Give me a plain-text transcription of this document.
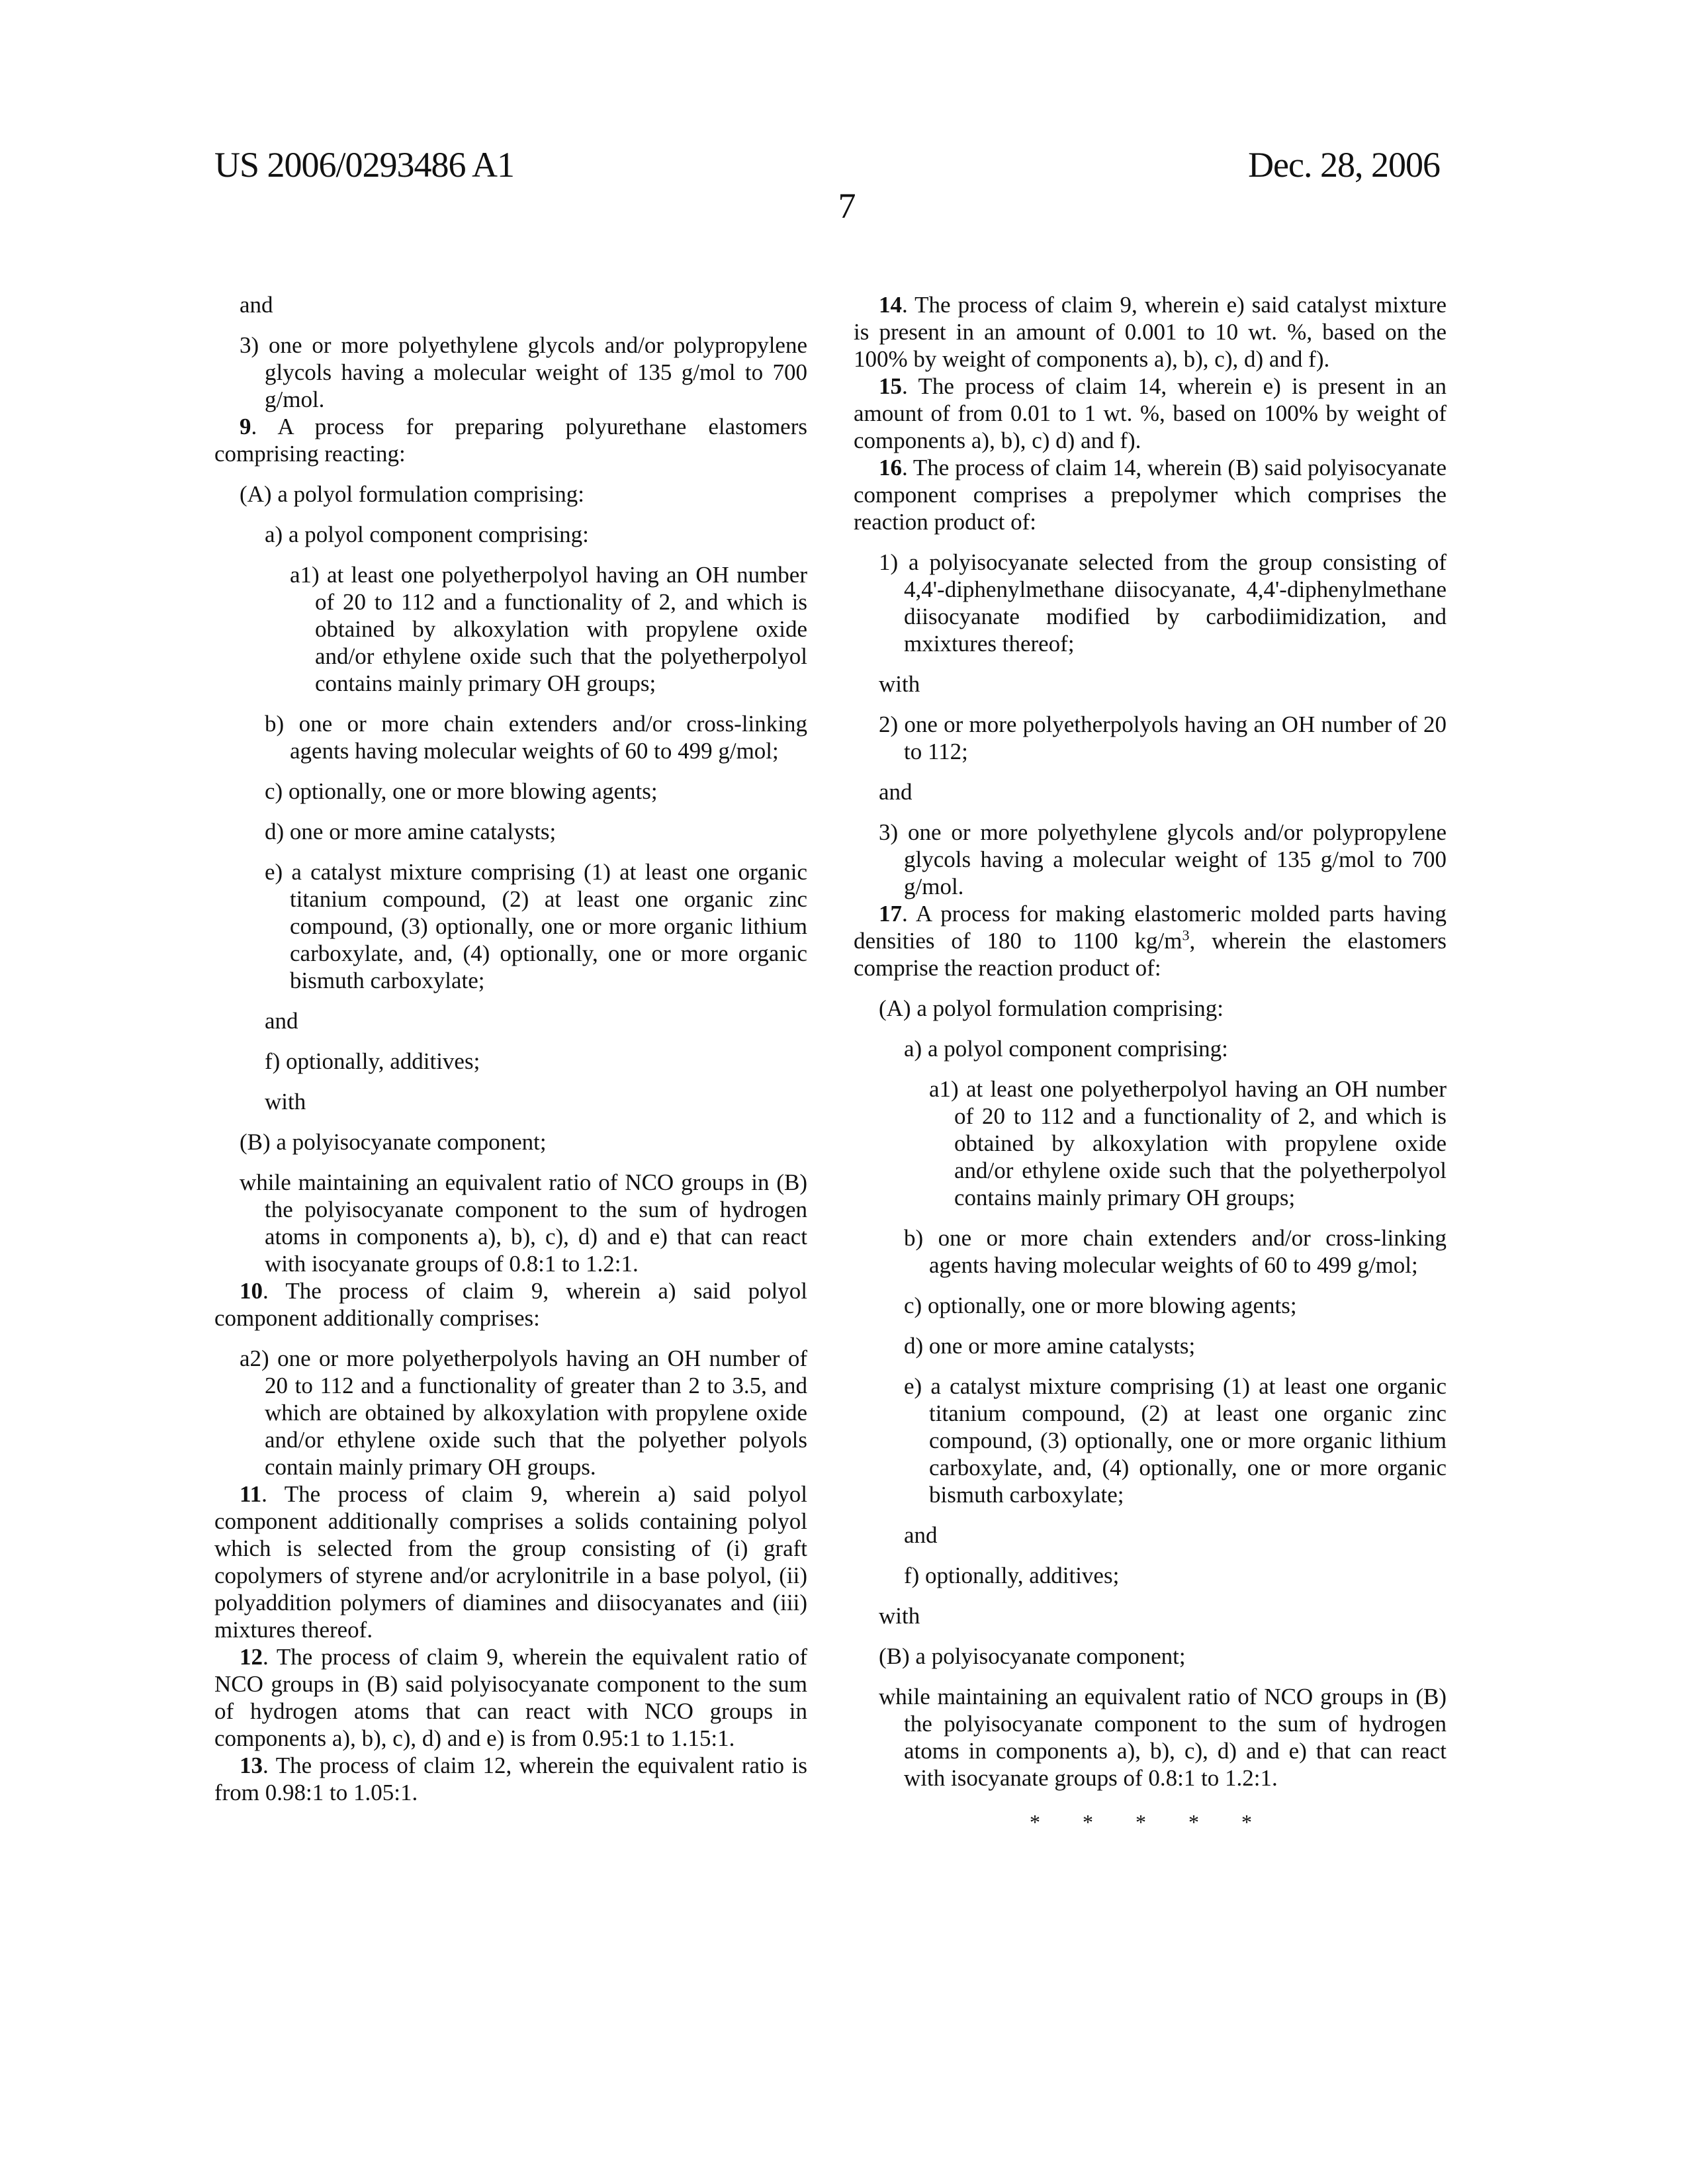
US 2006/0293486 A1	Dec. 28, 2006
7

and

3) one or more polyethylene glycols and/or polypropylene glycols having a molecular weight of 135 g/mol to 700 g/mol.

9. A process for preparing polyurethane elastomers comprising reacting:

(A) a polyol formulation comprising:

a) a polyol component comprising:

a1) at least one polyetherpolyol having an OH number of 20 to 112 and a functionality of 2, and which is obtained by alkoxylation with propylene oxide and/or ethylene oxide such that the polyetherpolyol contains mainly primary OH groups;

b) one or more chain extenders and/or cross-linking agents having molecular weights of 60 to 499 g/mol;

c) optionally, one or more blowing agents;

d) one or more amine catalysts;

e) a catalyst mixture comprising (1) at least one organic titanium compound, (2) at least one organic zinc compound, (3) optionally, one or more organic lithium carboxylate, and, (4) optionally, one or more organic bismuth carboxylate;

and

f) optionally, additives;

with

(B) a polyisocyanate component;

while maintaining an equivalent ratio of NCO groups in (B) the polyisocyanate component to the sum of hydrogen atoms in components a), b), c), d) and e) that can react with isocyanate groups of 0.8:1 to 1.2:1.

10. The process of claim 9, wherein a) said polyol component additionally comprises:

a2) one or more polyetherpolyols having an OH number of 20 to 112 and a functionality of greater than 2 to 3.5, and which are obtained by alkoxylation with propylene oxide and/or ethylene oxide such that the polyether polyols contain mainly primary OH groups.

11. The process of claim 9, wherein a) said polyol component additionally comprises a solids containing polyol which is selected from the group consisting of (i) graft copolymers of styrene and/or acrylonitrile in a base polyol, (ii) polyaddition polymers of diamines and diisocyanates and (iii) mixtures thereof.

12. The process of claim 9, wherein the equivalent ratio of NCO groups in (B) said polyisocyanate component to the sum of hydrogen atoms that can react with NCO groups in components a), b), c), d) and e) is from 0.95:1 to 1.15:1.

13. The process of claim 12, wherein the equivalent ratio is from 0.98:1 to 1.05:1.

14. The process of claim 9, wherein e) said catalyst mixture is present in an amount of 0.001 to 10 wt. %, based on the 100% by weight of components a), b), c), d) and f).

15. The process of claim 14, wherein e) is present in an amount of from 0.01 to 1 wt. %, based on 100% by weight of components a), b), c) d) and f).

16. The process of claim 14, wherein (B) said polyisocyanate component comprises a prepolymer which comprises the reaction product of:

1) a polyisocyanate selected from the group consisting of 4,4'-diphenylmethane diisocyanate, 4,4'-diphenylmethane diisocyanate modified by carbodiimidization, and mxixtures thereof;

with

2) one or more polyetherpolyols having an OH number of 20 to 112;

and

3) one or more polyethylene glycols and/or polypropylene glycols having a molecular weight of 135 g/mol to 700 g/mol.

17. A process for making elastomeric molded parts having densities of 180 to 1100 kg/m3, wherein the elastomers comprise the reaction product of:

(A) a polyol formulation comprising:

a) a polyol component comprising:

a1) at least one polyetherpolyol having an OH number of 20 to 112 and a functionality of 2, and which is obtained by alkoxylation with propylene oxide and/or ethylene oxide such that the polyetherpolyol contains mainly primary OH groups;

b) one or more chain extenders and/or cross-linking agents having molecular weights of 60 to 499 g/mol;

c) optionally, one or more blowing agents;

d) one or more amine catalysts;

e) a catalyst mixture comprising (1) at least one organic titanium compound, (2) at least one organic zinc compound, (3) optionally, one or more organic lithium carboxylate, and, (4) optionally, one or more organic bismuth carboxylate;

and

f) optionally, additives;

with

(B) a polyisocyanate component;

while maintaining an equivalent ratio of NCO groups in (B) the polyisocyanate component to the sum of hydrogen atoms in components a), b), c), d) and e) that can react with isocyanate groups of 0.8:1 to 1.2:1.

* * * * *
